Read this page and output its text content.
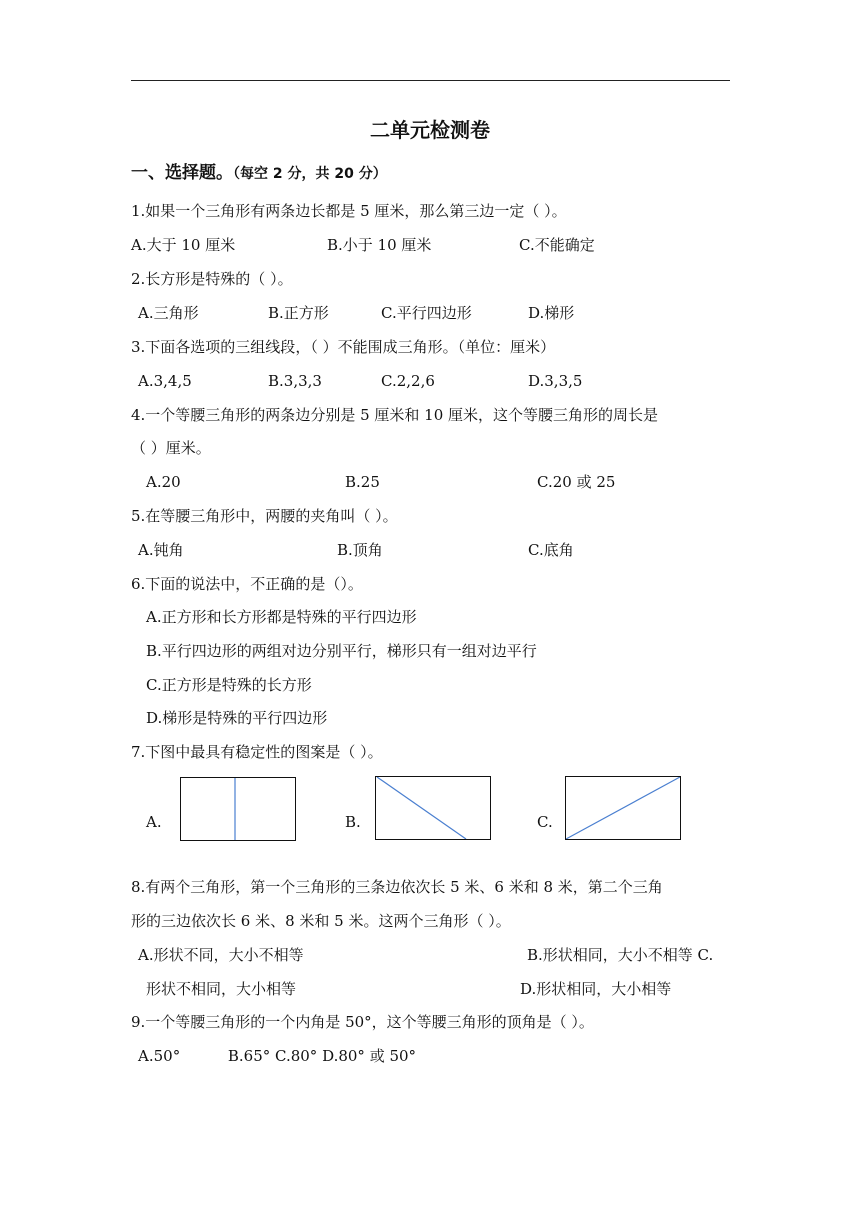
二单元检测卷
一、选择题。（每空 2 分，共 20 分）
1.如果一个三角形有两条边长都是 5 厘米，那么第三边一定（ ）。
A.大于 10 厘米	B.小于 10 厘米	C.不能确定
2.长方形是特殊的（ ）。
A.三角形	B.正方形	C.平行四边形	D.梯形
3.下面各选项的三组线段，（ ）不能围成三角形。（单位：厘米）
A.3,4,5	B.3,3,3	C.2,2,6	D.3,3,5
4.一个等腰三角形的两条边分别是 5 厘米和 10 厘米，这个等腰三角形的周长是
（ ）厘米。
A.20	B.25	C.20 或 25
5.在等腰三角形中，两腰的夹角叫（ ）。
A.钝角	B.顶角	C.底角
6.下面的说法中，不正确的是（）。
A.正方形和长方形都是特殊的平行四边形
B.平行四边形的两组对边分别平行，梯形只有一组对边平行
C.正方形是特殊的长方形
D.梯形是特殊的平行四边形
7.下图中最具有稳定性的图案是（ ）。
A.	B.	C.
8.有两个三角形，第一个三角形的三条边依次长 5 米、6 米和 8 米，第二个三角
形的三边依次长 6 米、8 米和 5 米。这两个三角形（ ）。
A.形状不同，大小不相等	B.形状相同，大小不相等 C.
形状不相同，大小相等	D.形状相同，大小相等
9.一个等腰三角形的一个内角是 50°，这个等腰三角形的顶角是（ ）。
A.50°          B.65° C.80° D.80° 或 50°
